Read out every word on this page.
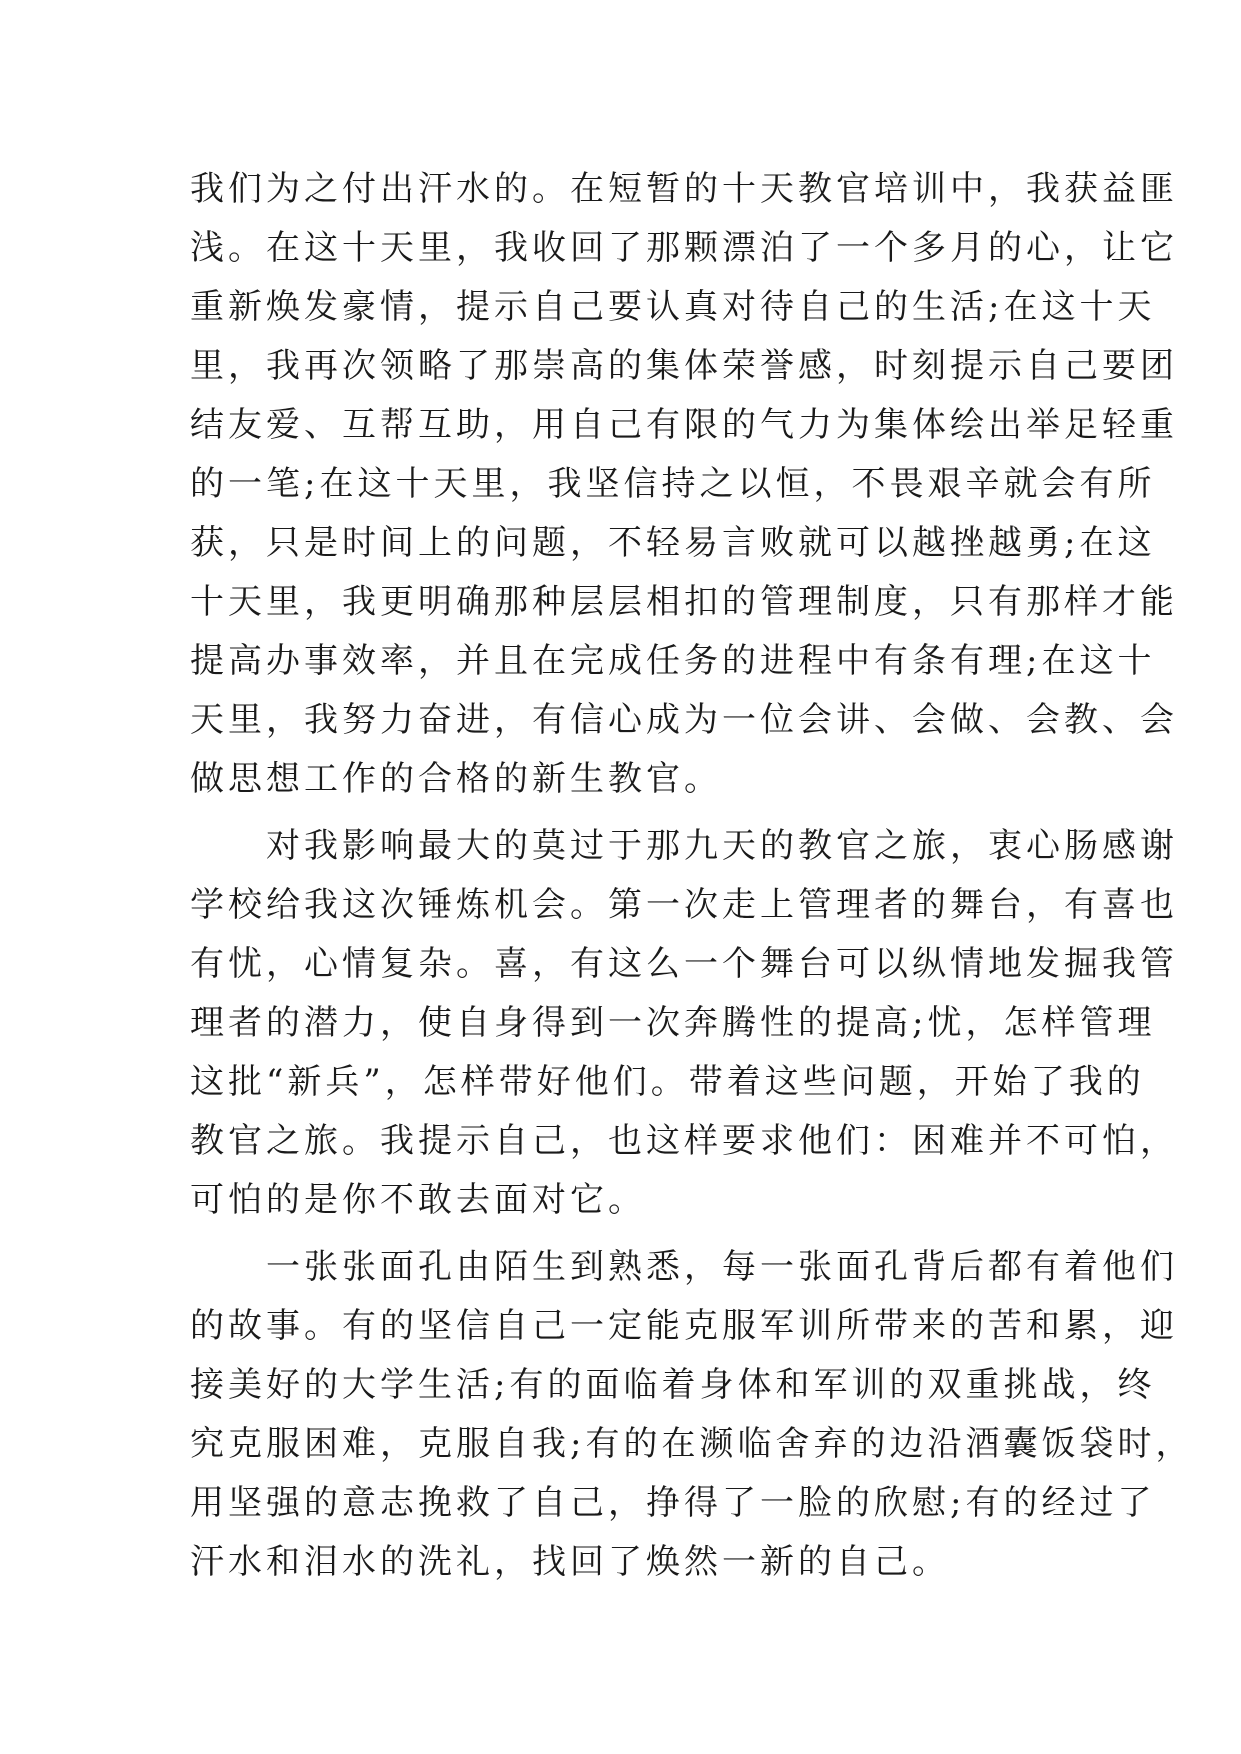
我们为之付出汗水的。在短暂的十天教官培训中，我获益匪
浅。在这十天里，我收回了那颗漂泊了一个多月的心，让它
重新焕发豪情，提示自己要认真对待自己的生活;在这十天
里，我再次领略了那崇高的集体荣誉感，时刻提示自己要团
结友爱、互帮互助，用自己有限的气力为集体绘出举足轻重
的一笔;在这十天里，我坚信持之以恒，不畏艰辛就会有所
获，只是时间上的问题，不轻易言败就可以越挫越勇;在这
十天里，我更明确那种层层相扣的管理制度，只有那样才能
提高办事效率，并且在完成任务的进程中有条有理;在这十
天里，我努力奋进，有信心成为一位会讲、会做、会教、会
做思想工作的合格的新生教官。
　　对我影响最大的莫过于那九天的教官之旅，衷心肠感谢
学校给我这次锤炼机会。第一次走上管理者的舞台，有喜也
有忧，心情复杂。喜，有这么一个舞台可以纵情地发掘我管
理者的潜力，使自身得到一次奔腾性的提高;忧，怎样管理
这批“新兵”，怎样带好他们。带着这些问题，开始了我的
教官之旅。我提示自己，也这样要求他们：困难并不可怕，
可怕的是你不敢去面对它。
　　一张张面孔由陌生到熟悉，每一张面孔背后都有着他们
的故事。有的坚信自己一定能克服军训所带来的苦和累，迎
接美好的大学生活;有的面临着身体和军训的双重挑战，终
究克服困难，克服自我;有的在濒临舍弃的边沿酒囊饭袋时，
用坚强的意志挽救了自己，挣得了一脸的欣慰;有的经过了
汗水和泪水的洗礼，找回了焕然一新的自己。
